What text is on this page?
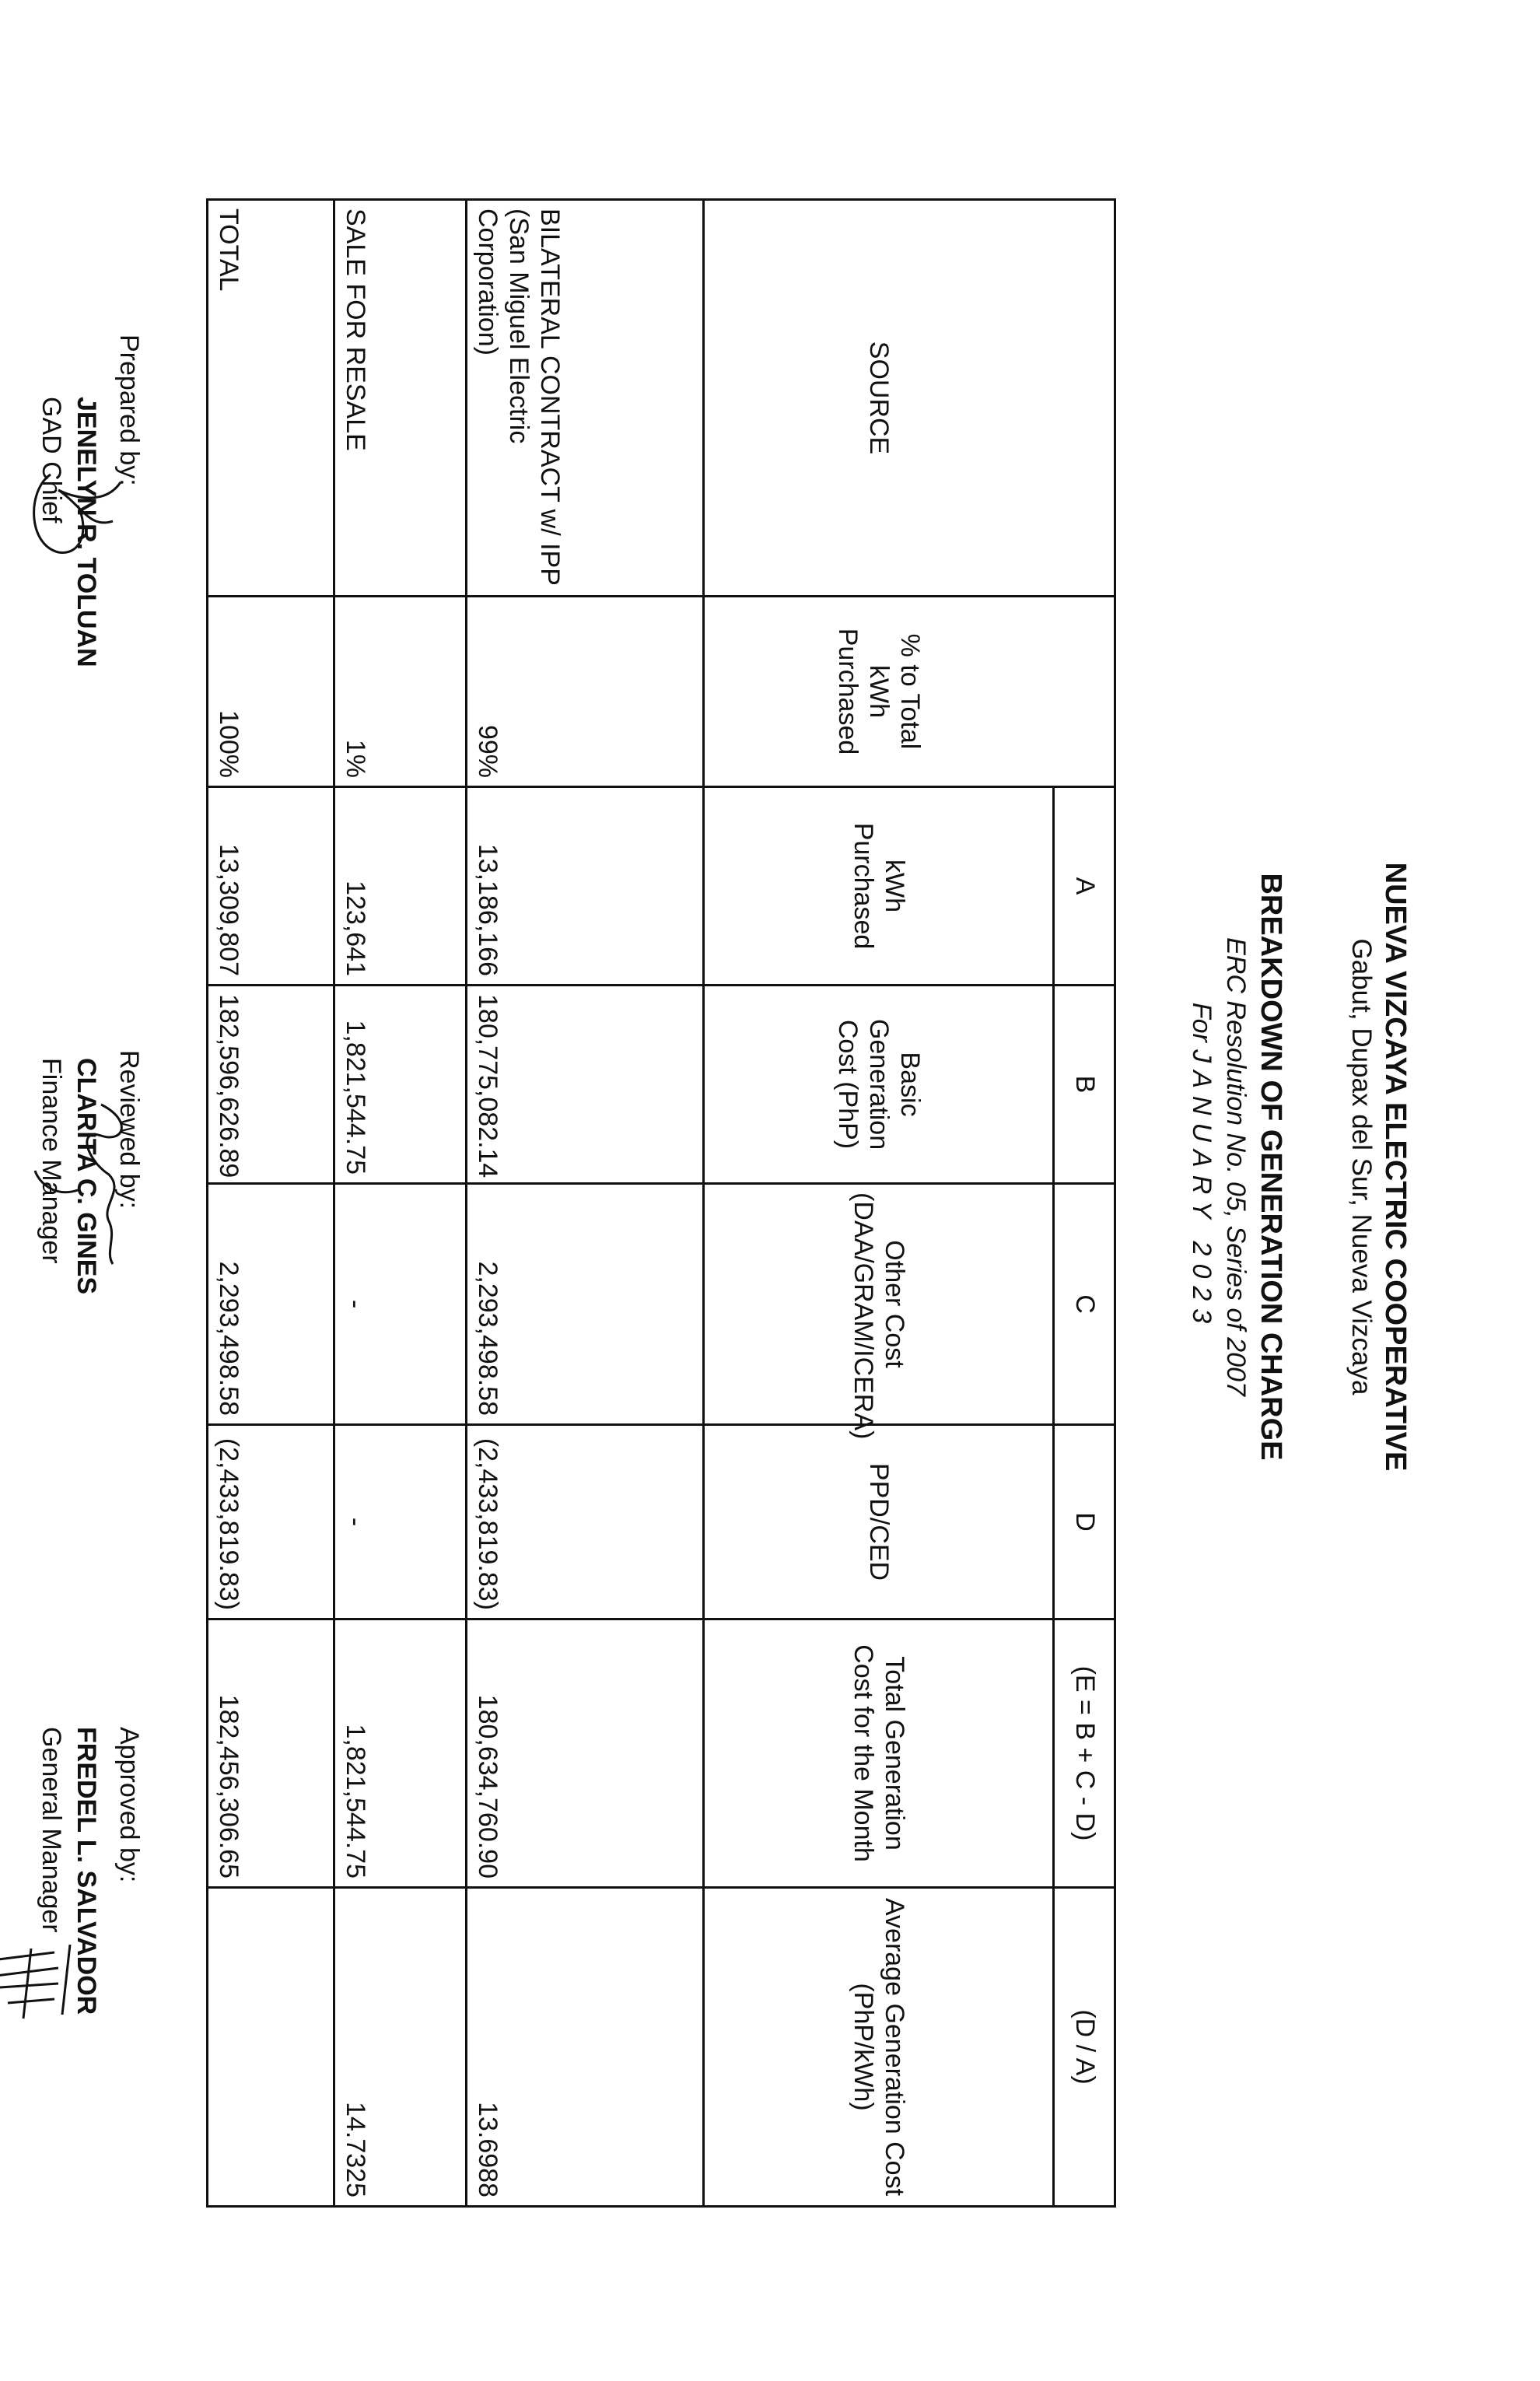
NUEVA VIZCAYA ELECTRIC COOPERATIVE
Gabut, Dupax del Sur, Nueva Vizcaya
BREAKDOWN OF GENERATION CHARGE
ERC Resolution No. 05, Series of 2007
For JANUARY 2023
		A	B	C	D	(E = B + C - D)	(D / A)
SOURCE	% to Total kWh Purchased	kWh Purchased	Basic Generation Cost (PhP)	Other Cost (DAA/GRAM/ICERA)	PPD/CED	Total Generation Cost for the Month	Average Generation Cost (PhP/kWh)

BILATERAL CONTRACT w/ IPP
(San Miguel Electric Corporation)	99%	13,186,166	180,775,082.14	2,293,498.58	(2,433,819.83)	180,634,760.90	13.6988
SALE FOR RESALE	1%	123,641	1,821,544.75	-	-	1,821,544.75	14.7325
TOTAL	100%	13,309,807	182,596,626.89	2,293,498.58	(2,433,819.83)	182,456,306.65	
Prepared by:
JENELYN R. TOLUAN
GAD Chief
Reviewed by:
CLARITA C. GINES
Finance Manager
Approved by:
FREDEL L. SALVADOR
General Manager
